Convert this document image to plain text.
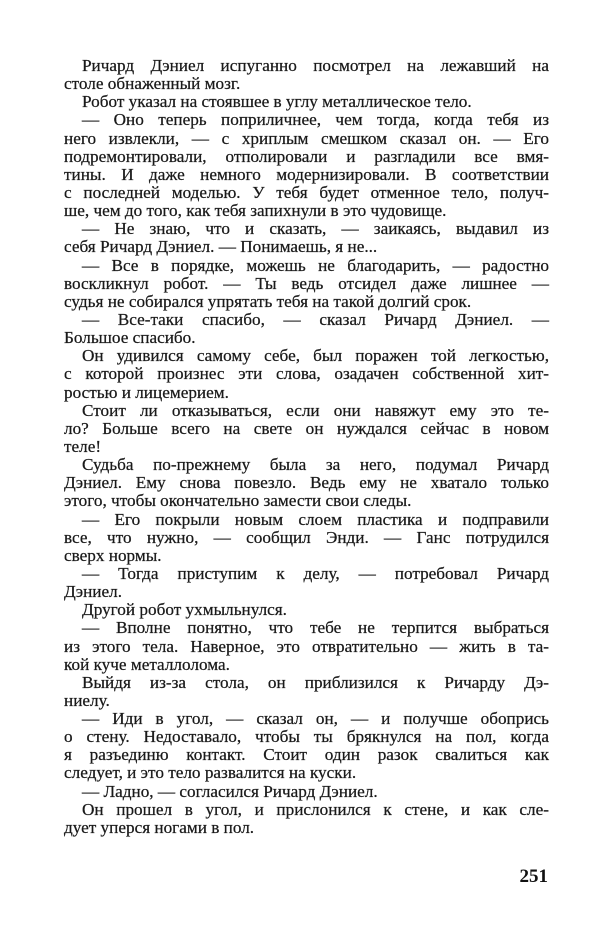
Ричард Дэниел испуганно посмотрел на лежавший на
столе обнаженный мозг.
Робот указал на стоявшее в углу металлическое тело.
— Оно теперь поприличнее, чем тогда, когда тебя из
него извлекли, — с хриплым смешком сказал он. — Его
подремонтировали, отполировали и разгладили все вмя-
тины. И даже немного модернизировали. В соответствии
с последней моделью. У тебя будет отменное тело, получ-
ше, чем до того, как тебя запихнули в это чудовище.
— Не знаю, что и сказать, — заикаясь, выдавил из
себя Ричард Дэниел. — Понимаешь, я не...
— Все в порядке, можешь не благодарить, — радостно
воскликнул робот. — Ты ведь отсидел даже лишнее —
судья не собирался упрятать тебя на такой долгий срок.
— Все-таки спасибо, — сказал Ричард Дэниел. —
Большое спасибо.
Он удивился самому себе, был поражен той легкостью,
с которой произнес эти слова, озадачен собственной хит-
ростью и лицемерием.
Стоит ли отказываться, если они навяжут ему это те-
ло? Больше всего на свете он нуждался сейчас в новом
теле!
Судьба по-прежнему была за него, подумал Ричард
Дэниел. Ему снова повезло. Ведь ему не хватало только
этого, чтобы окончательно замести свои следы.
— Его покрыли новым слоем пластика и подправили
все, что нужно, — сообщил Энди. — Ганс потрудился
сверх нормы.
— Тогда приступим к делу, — потребовал Ричард
Дэниел.
Другой робот ухмыльнулся.
— Вполне понятно, что тебе не терпится выбраться
из этого тела. Наверное, это отвратительно — жить в та-
кой куче металлолома.
Выйдя из-за стола, он приблизился к Ричарду Дэ-
ниелу.
— Иди в угол, — сказал он, — и получше обопрись
о стену. Недоставало, чтобы ты брякнулся на пол, когда
я разъединю контакт. Стоит один разок свалиться как
следует, и это тело развалится на куски.
— Ладно, — согласился Ричард Дэниел.
Он прошел в угол, и прислонился к стене, и как сле-
дует уперся ногами в пол.
251
